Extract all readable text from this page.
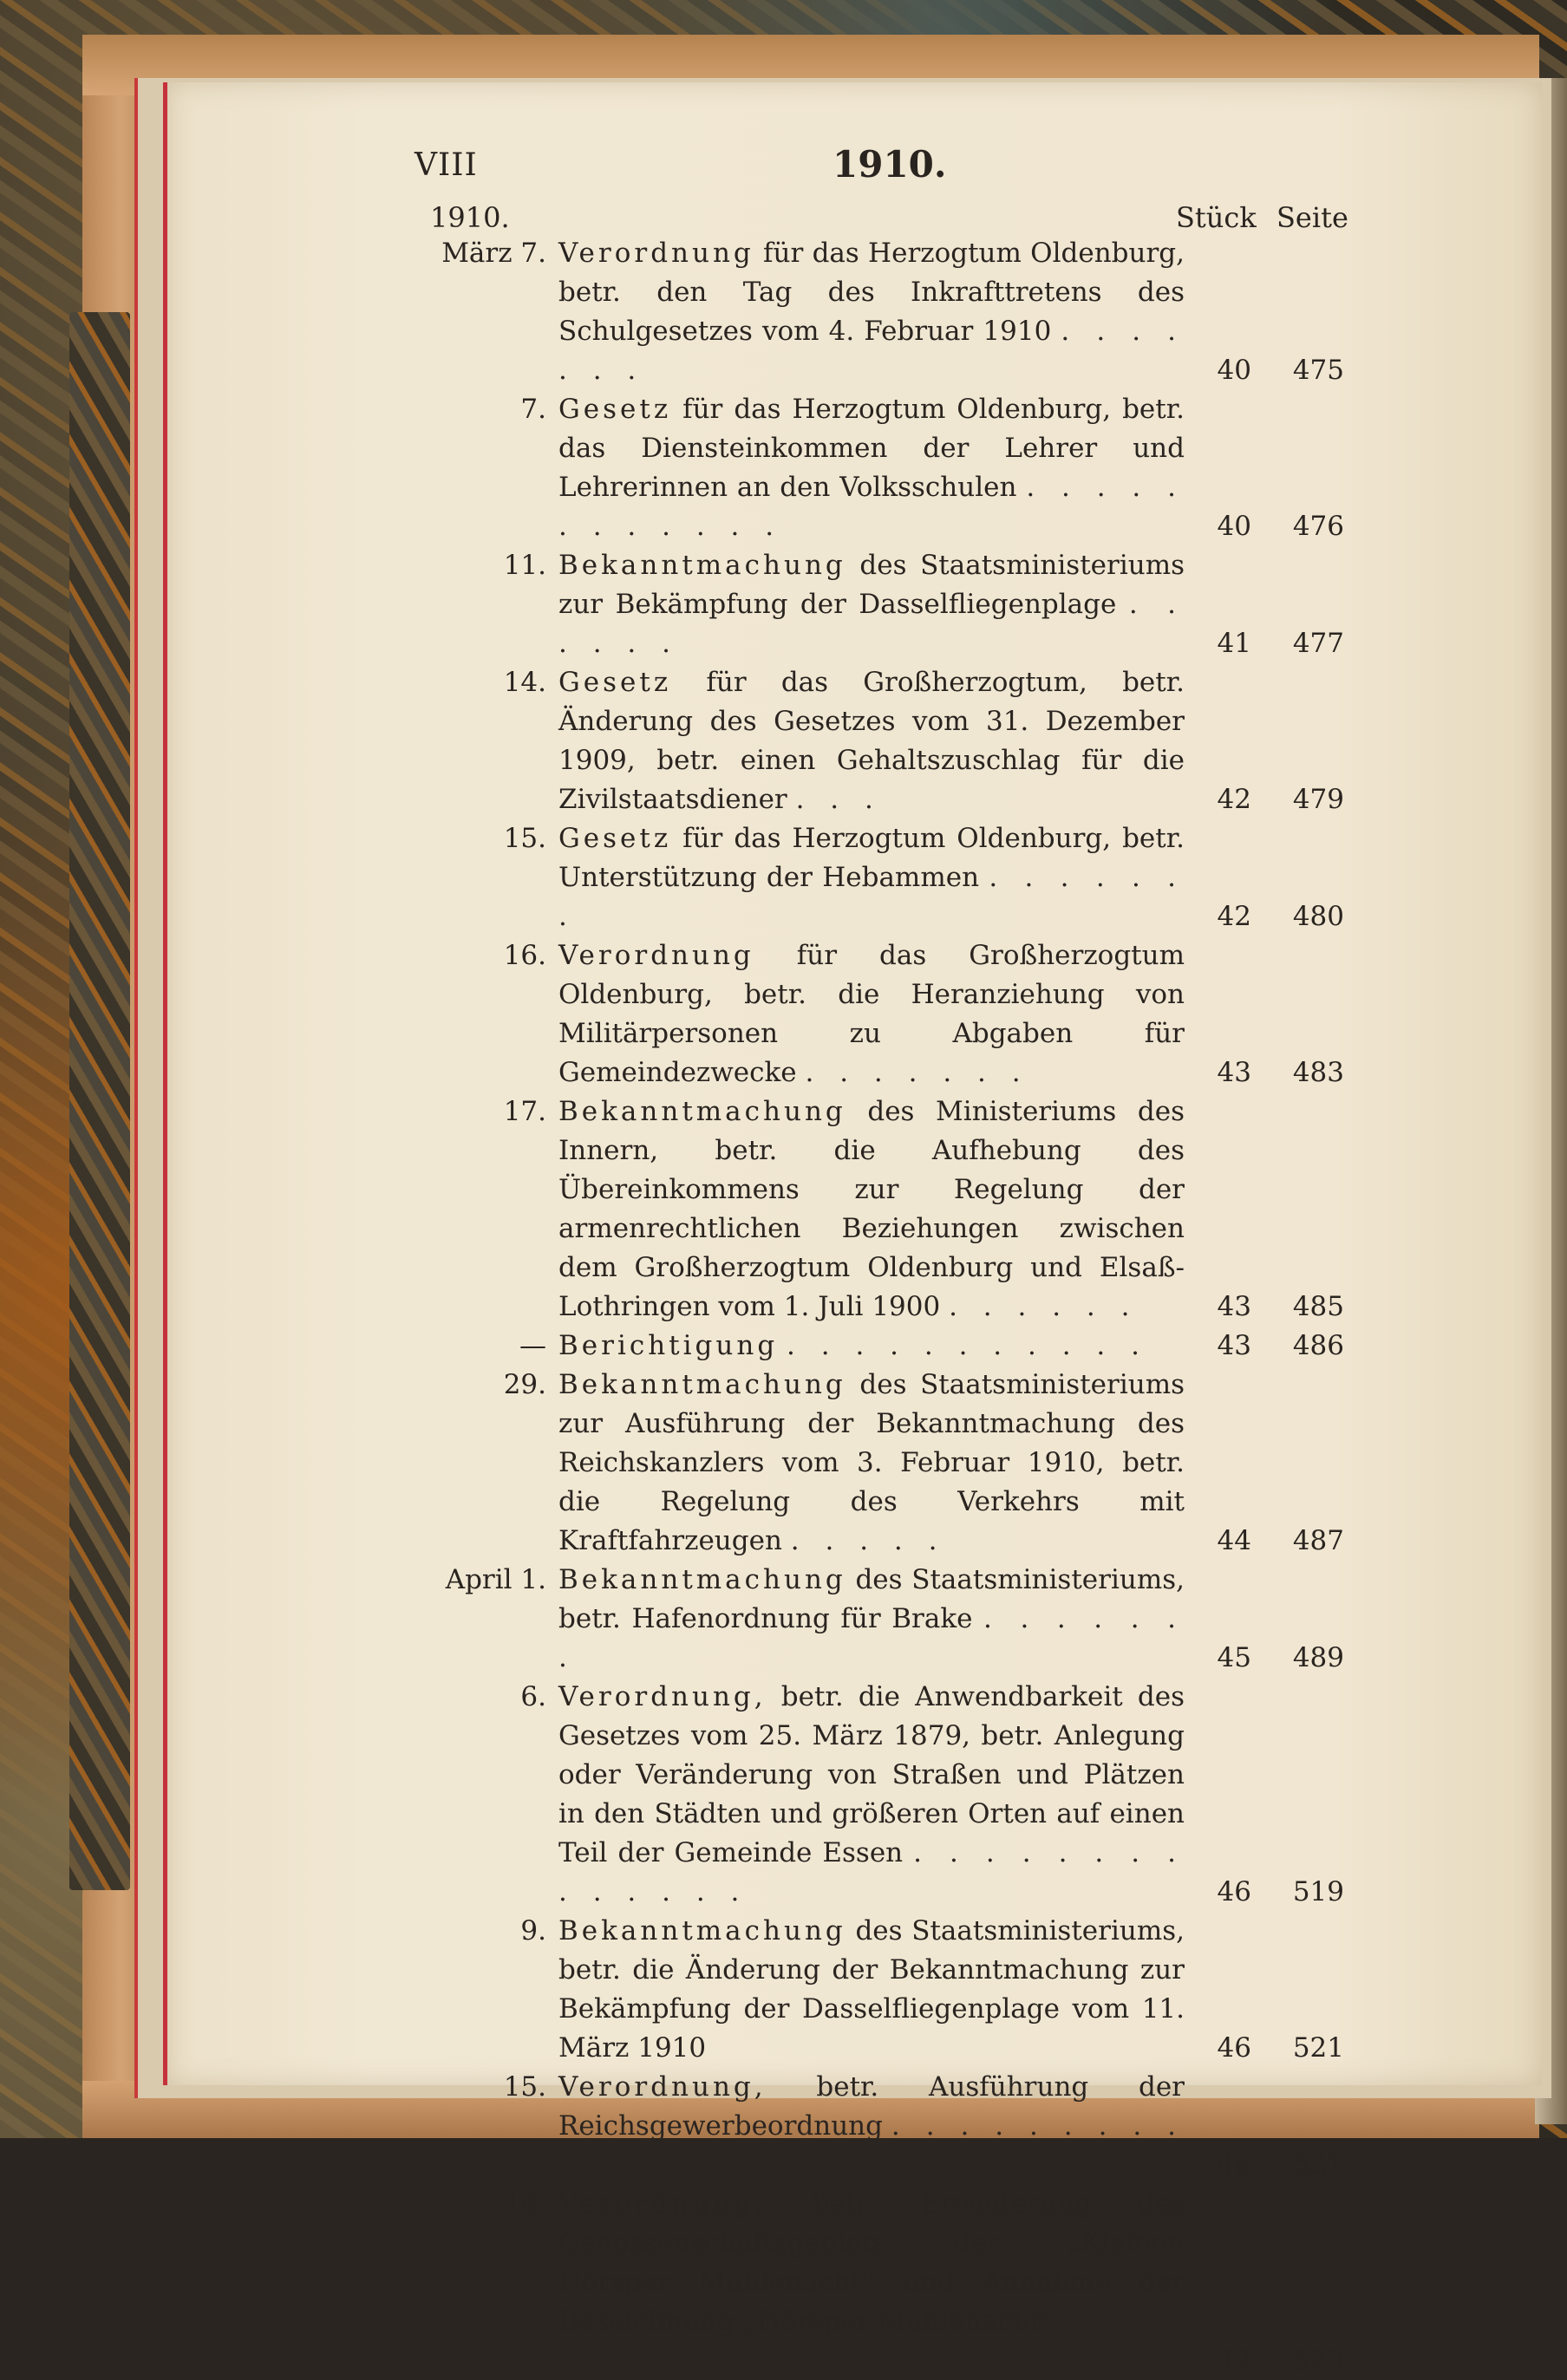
VIII	1910.
1910.	Stück Seite
März 7. Verordnung für das Herzogtum Oldenburg, betr. den Tag des Inkrafttretens des Schulgesetzes vom 4. Februar 1910 . . . . . . .	40	475
7. Gesetz für das Herzogtum Oldenburg, betr. das Diensteinkommen der Lehrer und Lehrerinnen an den Volksschulen . . . . . . . . . . . .	40	476
11. Bekanntmachung des Staatsministeriums zur Bekämpfung der Dasselfliegenplage . . . . . .	41	477
14. Gesetz für das Großherzogtum, betr. Änderung des Gesetzes vom 31. Dezember 1909, betr. einen Gehaltszuschlag für die Zivilstaatsdiener . . .	42	479
15. Gesetz für das Herzogtum Oldenburg, betr. Unterstützung der Hebammen . . . . . . .	42	480
16. Verordnung für das Großherzogtum Oldenburg, betr. die Heranziehung von Militärpersonen zu Abgaben für Gemeindezwecke . . . . . . .	43	483
17. Bekanntmachung des Ministeriums des Innern, betr. die Aufhebung des Übereinkommens zur Regelung der armenrechtlichen Beziehungen zwischen dem Großherzogtum Oldenburg und Elsaß-Lothringen vom 1. Juli 1900 . . . . . .	43	485
— Berichtigung . . . . . . . . . . .	43	486
29. Bekanntmachung des Staatsministeriums zur Ausführung der Bekanntmachung des Reichskanzlers vom 3. Februar 1910, betr. die Regelung des Verkehrs mit Kraftfahrzeugen . . . . .	44	487
April 1. Bekanntmachung des Staatsministeriums, betr. Hafenordnung für Brake . . . . . . .	45	489
6. Verordnung, betr. die Anwendbarkeit des Gesetzes vom 25. März 1879, betr. Anlegung oder Veränderung von Straßen und Plätzen in den Städten und größeren Orten auf einen Teil der Gemeinde Essen . . . . . . . . . . . . . .	46	519
9. Bekanntmachung des Staatsministeriums, betr. die Änderung der Bekanntmachung zur Bekämpfung der Dasselfliegenplage vom 11. März 1910	46	521
15. Verordnung, betr. Ausführung der Reichsgewerbeordnung . . . . . . . . . . .	46	521
18. Verordnung, betr. Erweiterung des Genossenschaftsgebiets der „Kleinen Hörsper Mühlenacht“ und Annahme der Bezeichnung „Hörsper Mühlenacht“ . . . . . . . . . . . . . .	47	523
